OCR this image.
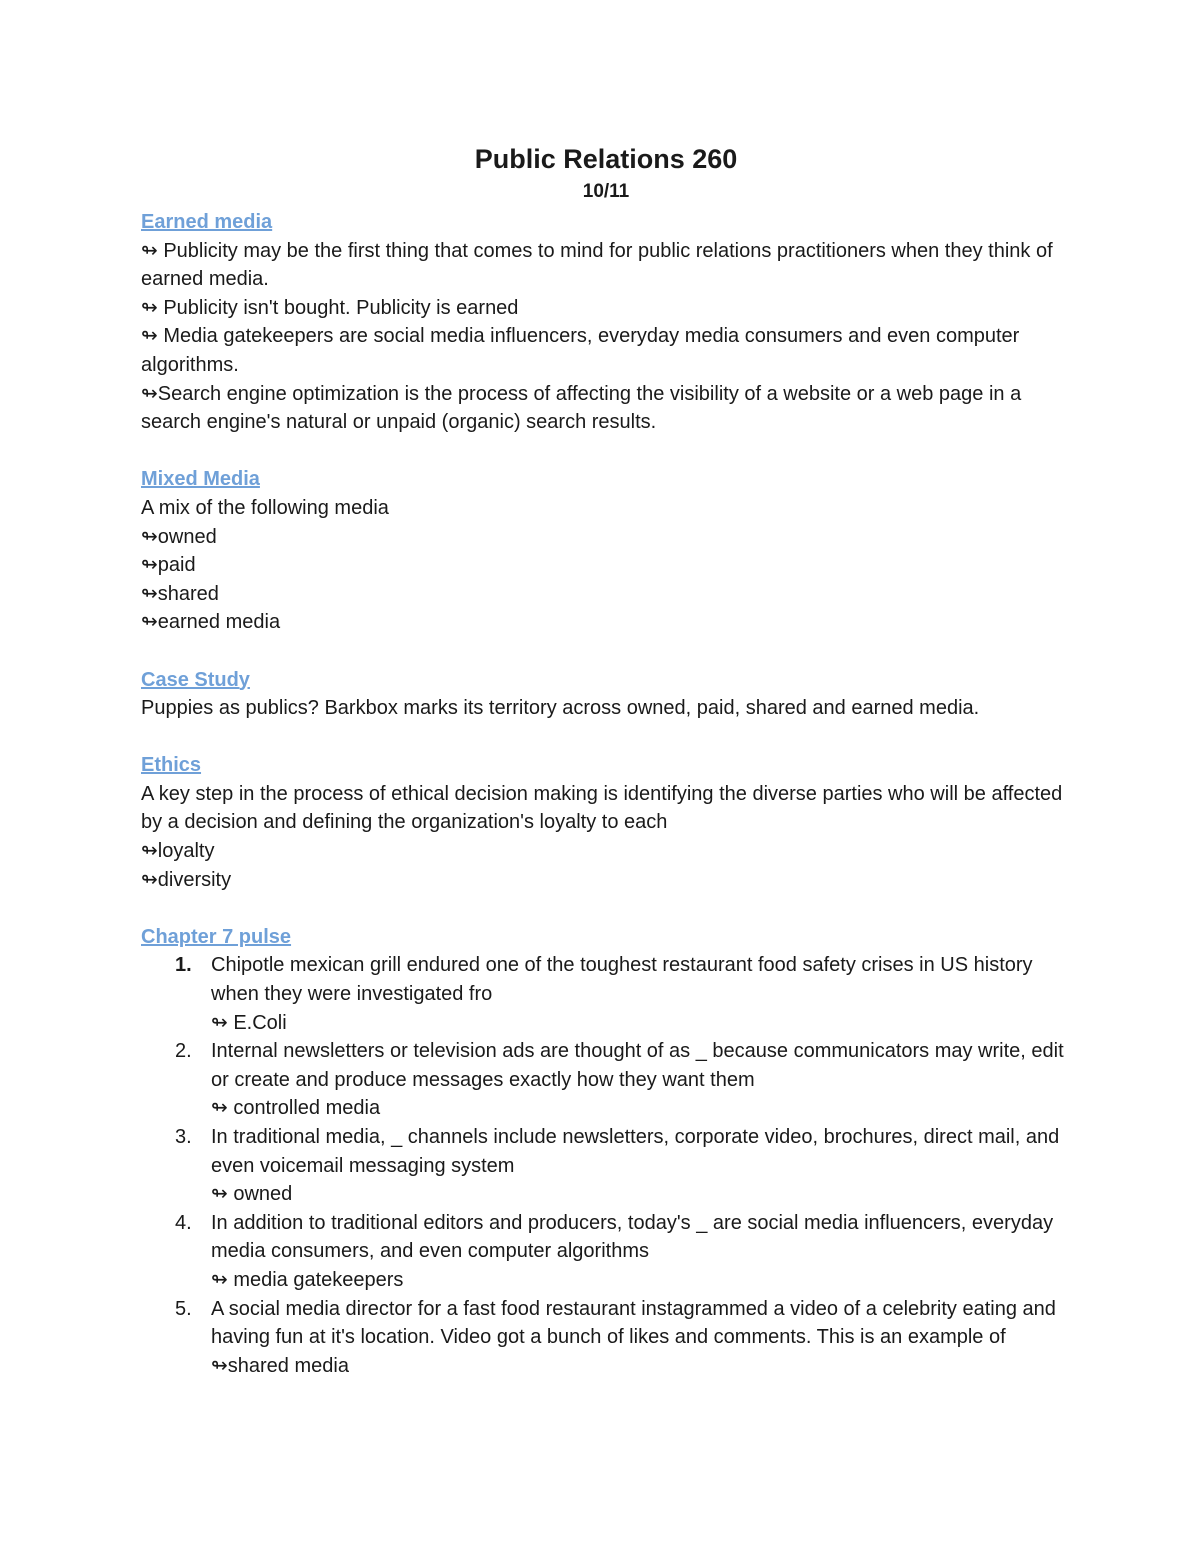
Public Relations 260
10/11
Earned media

↬ Publicity may be the first thing that comes to mind for public relations practitioners when they think of earned media.

↬ Publicity isn't bought. Publicity is earned

↬ Media gatekeepers are social media influencers, everyday media consumers and even computer algorithms.

↬Search engine optimization is the process of affecting the visibility of a website or a web page in a search engine's natural or unpaid (organic) search results.

Mixed Media

A mix of the following media

↬owned

↬paid

↬shared

↬earned media

Case Study

Puppies as publics? Barkbox marks its territory across owned, paid, shared and earned media.

Ethics

A key step in the process of ethical decision making is identifying the diverse parties who will be affected by a decision and defining the organization's loyalty to each

↬loyalty

↬diversity

Chapter 7 pulse
1. Chipotle mexican grill endured one of the toughest restaurant food safety crises in US history when they were investigated fro
↬ E.Coli
2. Internal newsletters or television ads are thought of as _ because communicators may write, edit or create and produce messages exactly how they want them
↬ controlled media
3. In traditional media, _ channels include newsletters, corporate video, brochures, direct mail, and even voicemail messaging system
↬ owned
4. In addition to traditional editors and producers, today's _ are social media influencers, everyday media consumers, and even computer algorithms
↬ media gatekeepers
5. A social media director for a fast food restaurant instagrammed a video of a celebrity eating and having fun at it's location. Video got a bunch of likes and comments. This is an example of
↬shared media
